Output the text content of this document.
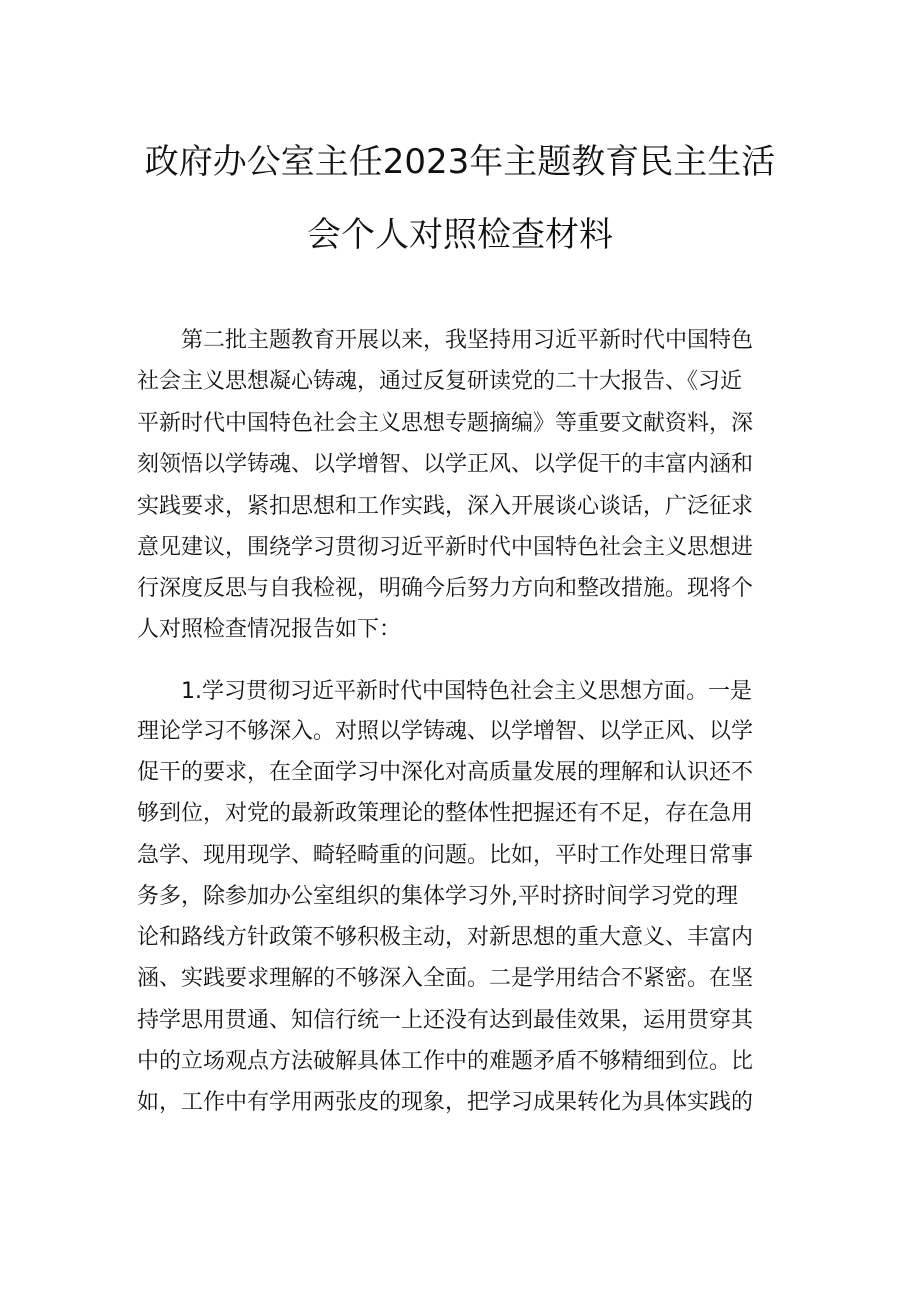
政府办公室主任2023年主题教育民主生活
会个人对照检查材料
第二批主题教育开展以来，我坚持用习近平新时代中国特色
社会主义思想凝心铸魂，通过反复研读党的二十大报告、《习近
平新时代中国特色社会主义思想专题摘编》等重要文献资料，深
刻领悟以学铸魂、以学增智、以学正风、以学促干的丰富内涵和
实践要求，紧扣思想和工作实践，深入开展谈心谈话，广泛征求
意见建议，围绕学习贯彻习近平新时代中国特色社会主义思想进
行深度反思与自我检视，明确今后努力方向和整改措施。现将个
人对照检查情况报告如下：
1.学习贯彻习近平新时代中国特色社会主义思想方面。一是
理论学习不够深入。对照以学铸魂、以学增智、以学正风、以学
促干的要求，在全面学习中深化对高质量发展的理解和认识还不
够到位，对党的最新政策理论的整体性把握还有不足，存在急用
急学、现用现学、畸轻畸重的问题。比如，平时工作处理日常事
务多，除参加办公室组织的集体学习外,平时挤时间学习党的理
论和路线方针政策不够积极主动，对新思想的重大意义、丰富内
涵、实践要求理解的不够深入全面。二是学用结合不紧密。在坚
持学思用贯通、知信行统一上还没有达到最佳效果，运用贯穿其
中的立场观点方法破解具体工作中的难题矛盾不够精细到位。比
如，工作中有学用两张皮的现象，把学习成果转化为具体实践的
